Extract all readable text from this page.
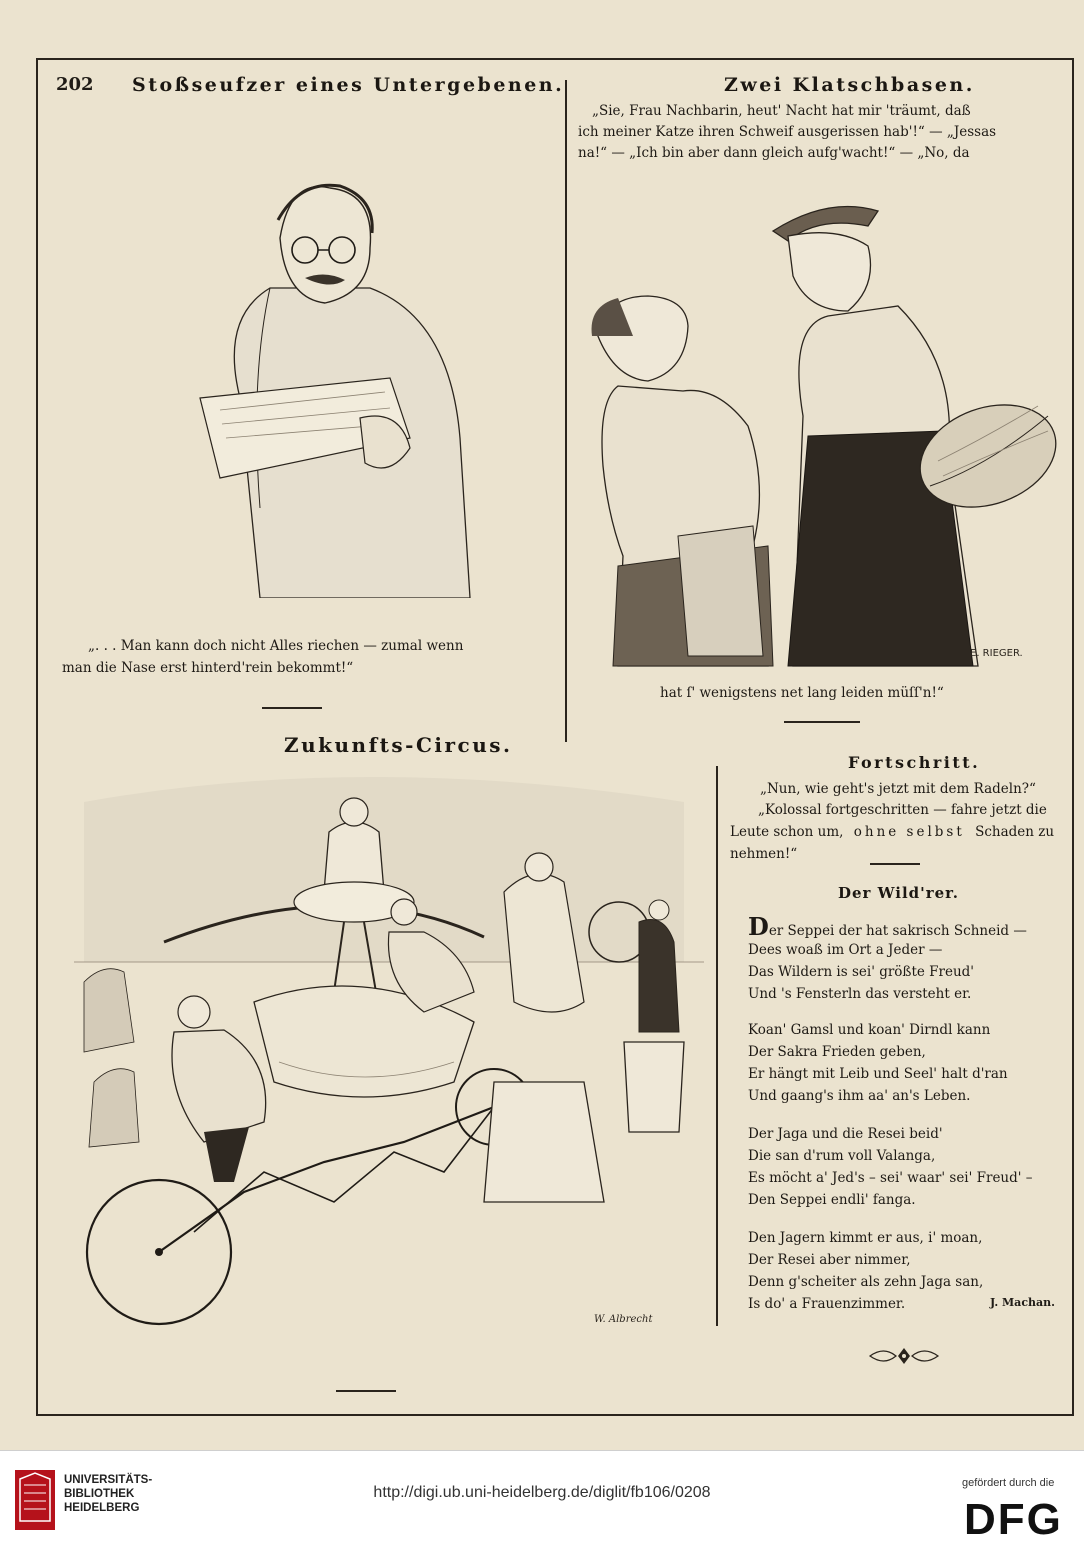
202 Stoßseufzer eines Untergebenen.	Zwei Klatschbasen.
„Sie, Frau Nachbarin, heut' Nacht hat mir 'träumt, daß
ich meiner Katze ihren Schweif ausgerissen hab'!“ — „Jessas
na!“ — „Ich bin aber dann gleich aufg'wacht!“ — „No, da
„. . . Man kann doch nicht Alles riechen — zumal wenn
man die Nase erst hinterd'rein bekommt!“
E. RIEGER.
hat ſ' wenigstens net lang leiden müſſ'n!“
Zukunfts-Circus.
W. Albrecht
Fortschritt.
„Nun, wie geht's jetzt mit dem Radeln?“
„Kolossal fortgeschritten — fahre jetzt die
Leute schon um, ohne selbst Schaden zu
nehmen!“
Der Wild'rer.
Der Seppei der hat sakrisch Schneid —
Dees woaß im Ort a Jeder —
Das Wildern is sei' größte Freud'
Und 's Fensterln das versteht er.
Koan' Gamsl und koan' Dirndl kann
Der Sakra Frieden geben,
Er hängt mit Leib und Seel' halt d'ran
Und gaang's ihm aa' an's Leben.
Der Jaga und die Resei beid'
Die san d'rum voll Valanga,
Es möcht a' Jed's – sei' waar' sei' Freud' –
Den Seppei endli' fanga.
Den Jagern kimmt er aus, i' moan,
Der Resei aber nimmer,
Denn g'scheiter als zehn Jaga san,
Is do' a Frauenzimmer.	J. Machan.
UNIVERSITÄTS-
BIBLIOTHEK
HEIDELBERG
http://digi.ub.uni-heidelberg.de/diglit/fb106/0208
gefördert durch die
DFG
